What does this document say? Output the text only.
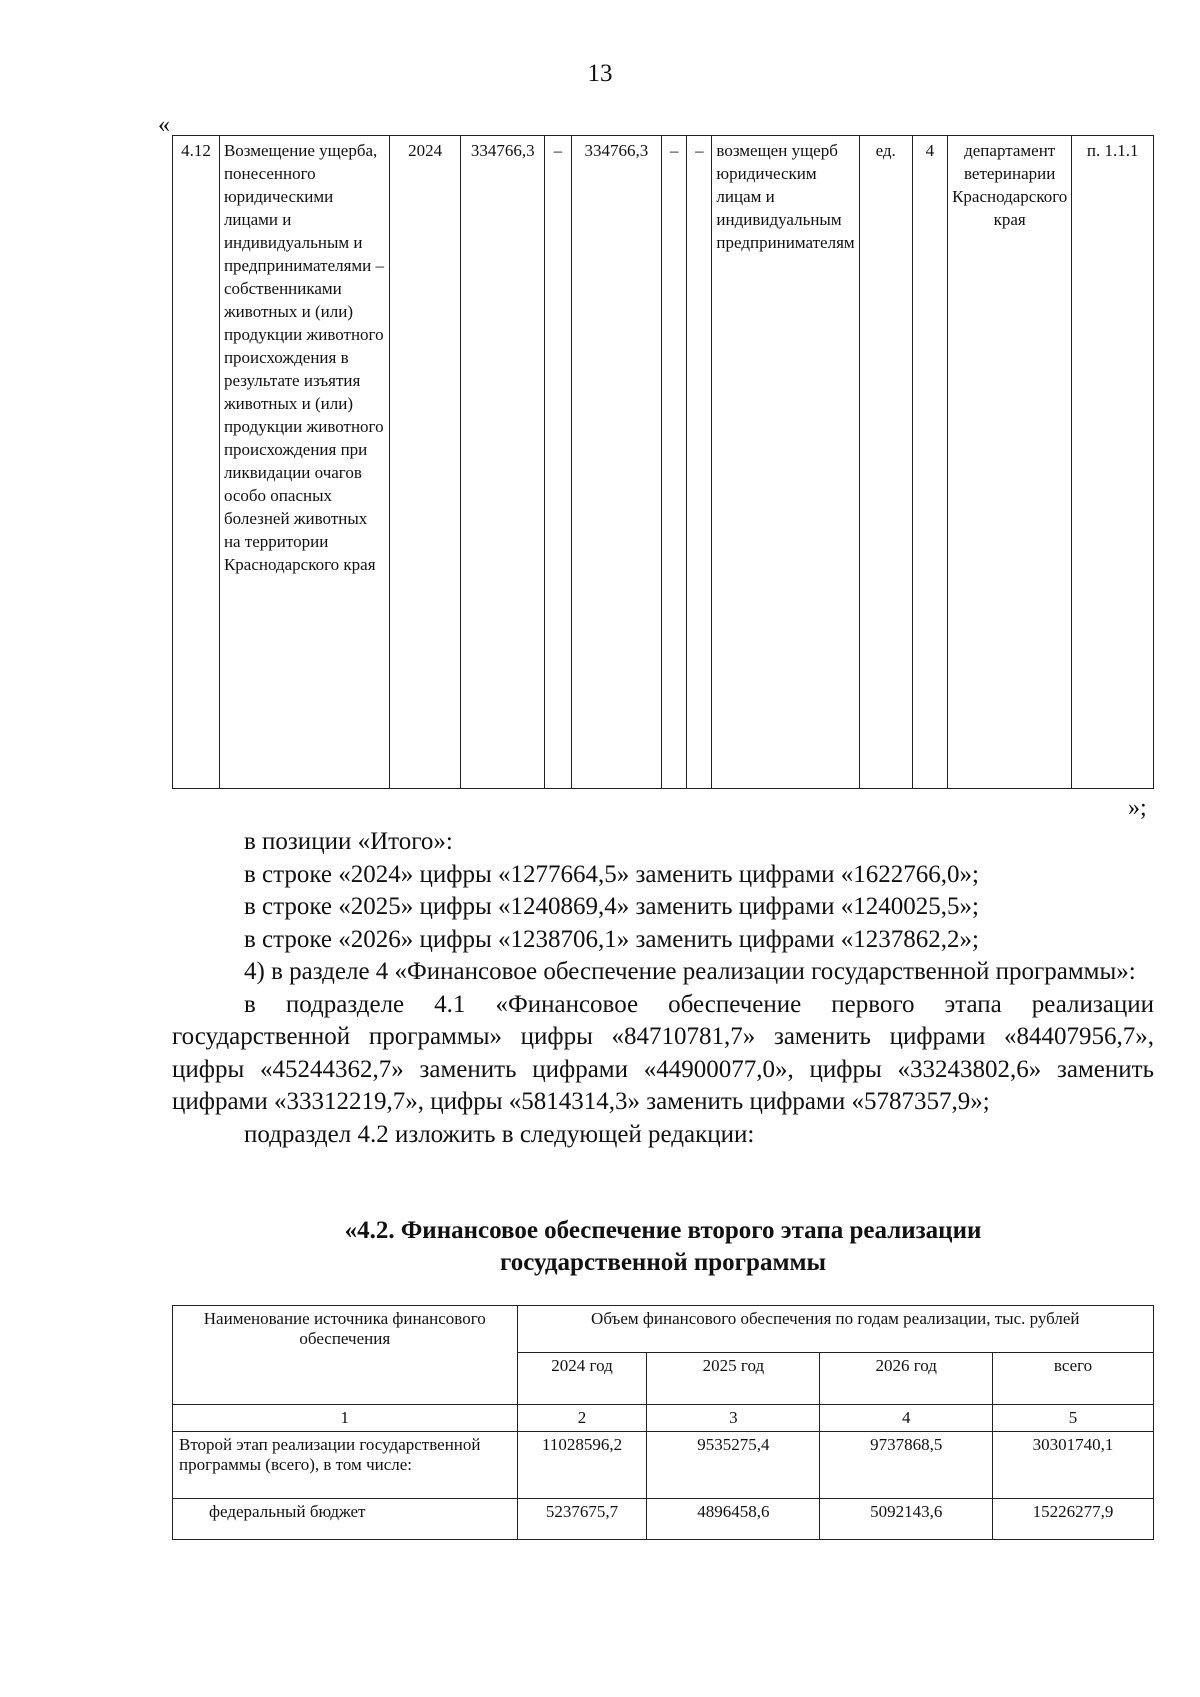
13
«
4.12	Возмещение ущерба, понесенного юридическими лицами и индивидуальным и предпринимателями – собственниками животных и (или) продукции животного происхождения в результате изъятия животных и (или) продукции животного происхождения при ликвидации очагов особо опасных болезней животных на территории Краснодарского края	2024	334766,3	–	334766,3	–	–	возмещен ущерб юридическим лицам и индивидуальным предпринимателям	ед.	4	департамент ветеринарии Краснодарского края	п. 1.1.1
»;

в позиции «Итого»:

в строке «2024» цифры «1277664,5» заменить цифрами «1622766,0»;

в строке «2025» цифры «1240869,4» заменить цифрами «1240025,5»;

в строке «2026» цифры «1238706,1» заменить цифрами «1237862,2»;

4) в разделе 4 «Финансовое обеспечение реализации государственной программы»:

в подразделе 4.1 «Финансовое обеспечение первого этапа реализации государственной программы» цифры «84710781,7» заменить цифрами «84407956,7», цифры «45244362,7» заменить цифрами «44900077,0», цифры «33243802,6» заменить цифрами «33312219,7», цифры «5814314,3» заменить цифрами «5787357,9»;

подраздел 4.2 изложить в следующей редакции:

«4.2. Финансовое обеспечение второго этапа реализации
государственной программы
Наименование источника финансового обеспечения	Объем финансового обеспечения по годам реализации, тыс. рублей			
	2024 год	2025 год	2026 год	всего
1	2	3	4	5
Второй этап реализации государственной программы (всего), в том числе:	11028596,2	9535275,4	9737868,5	30301740,1
федеральный бюджет	5237675,7	4896458,6	5092143,6	15226277,9
